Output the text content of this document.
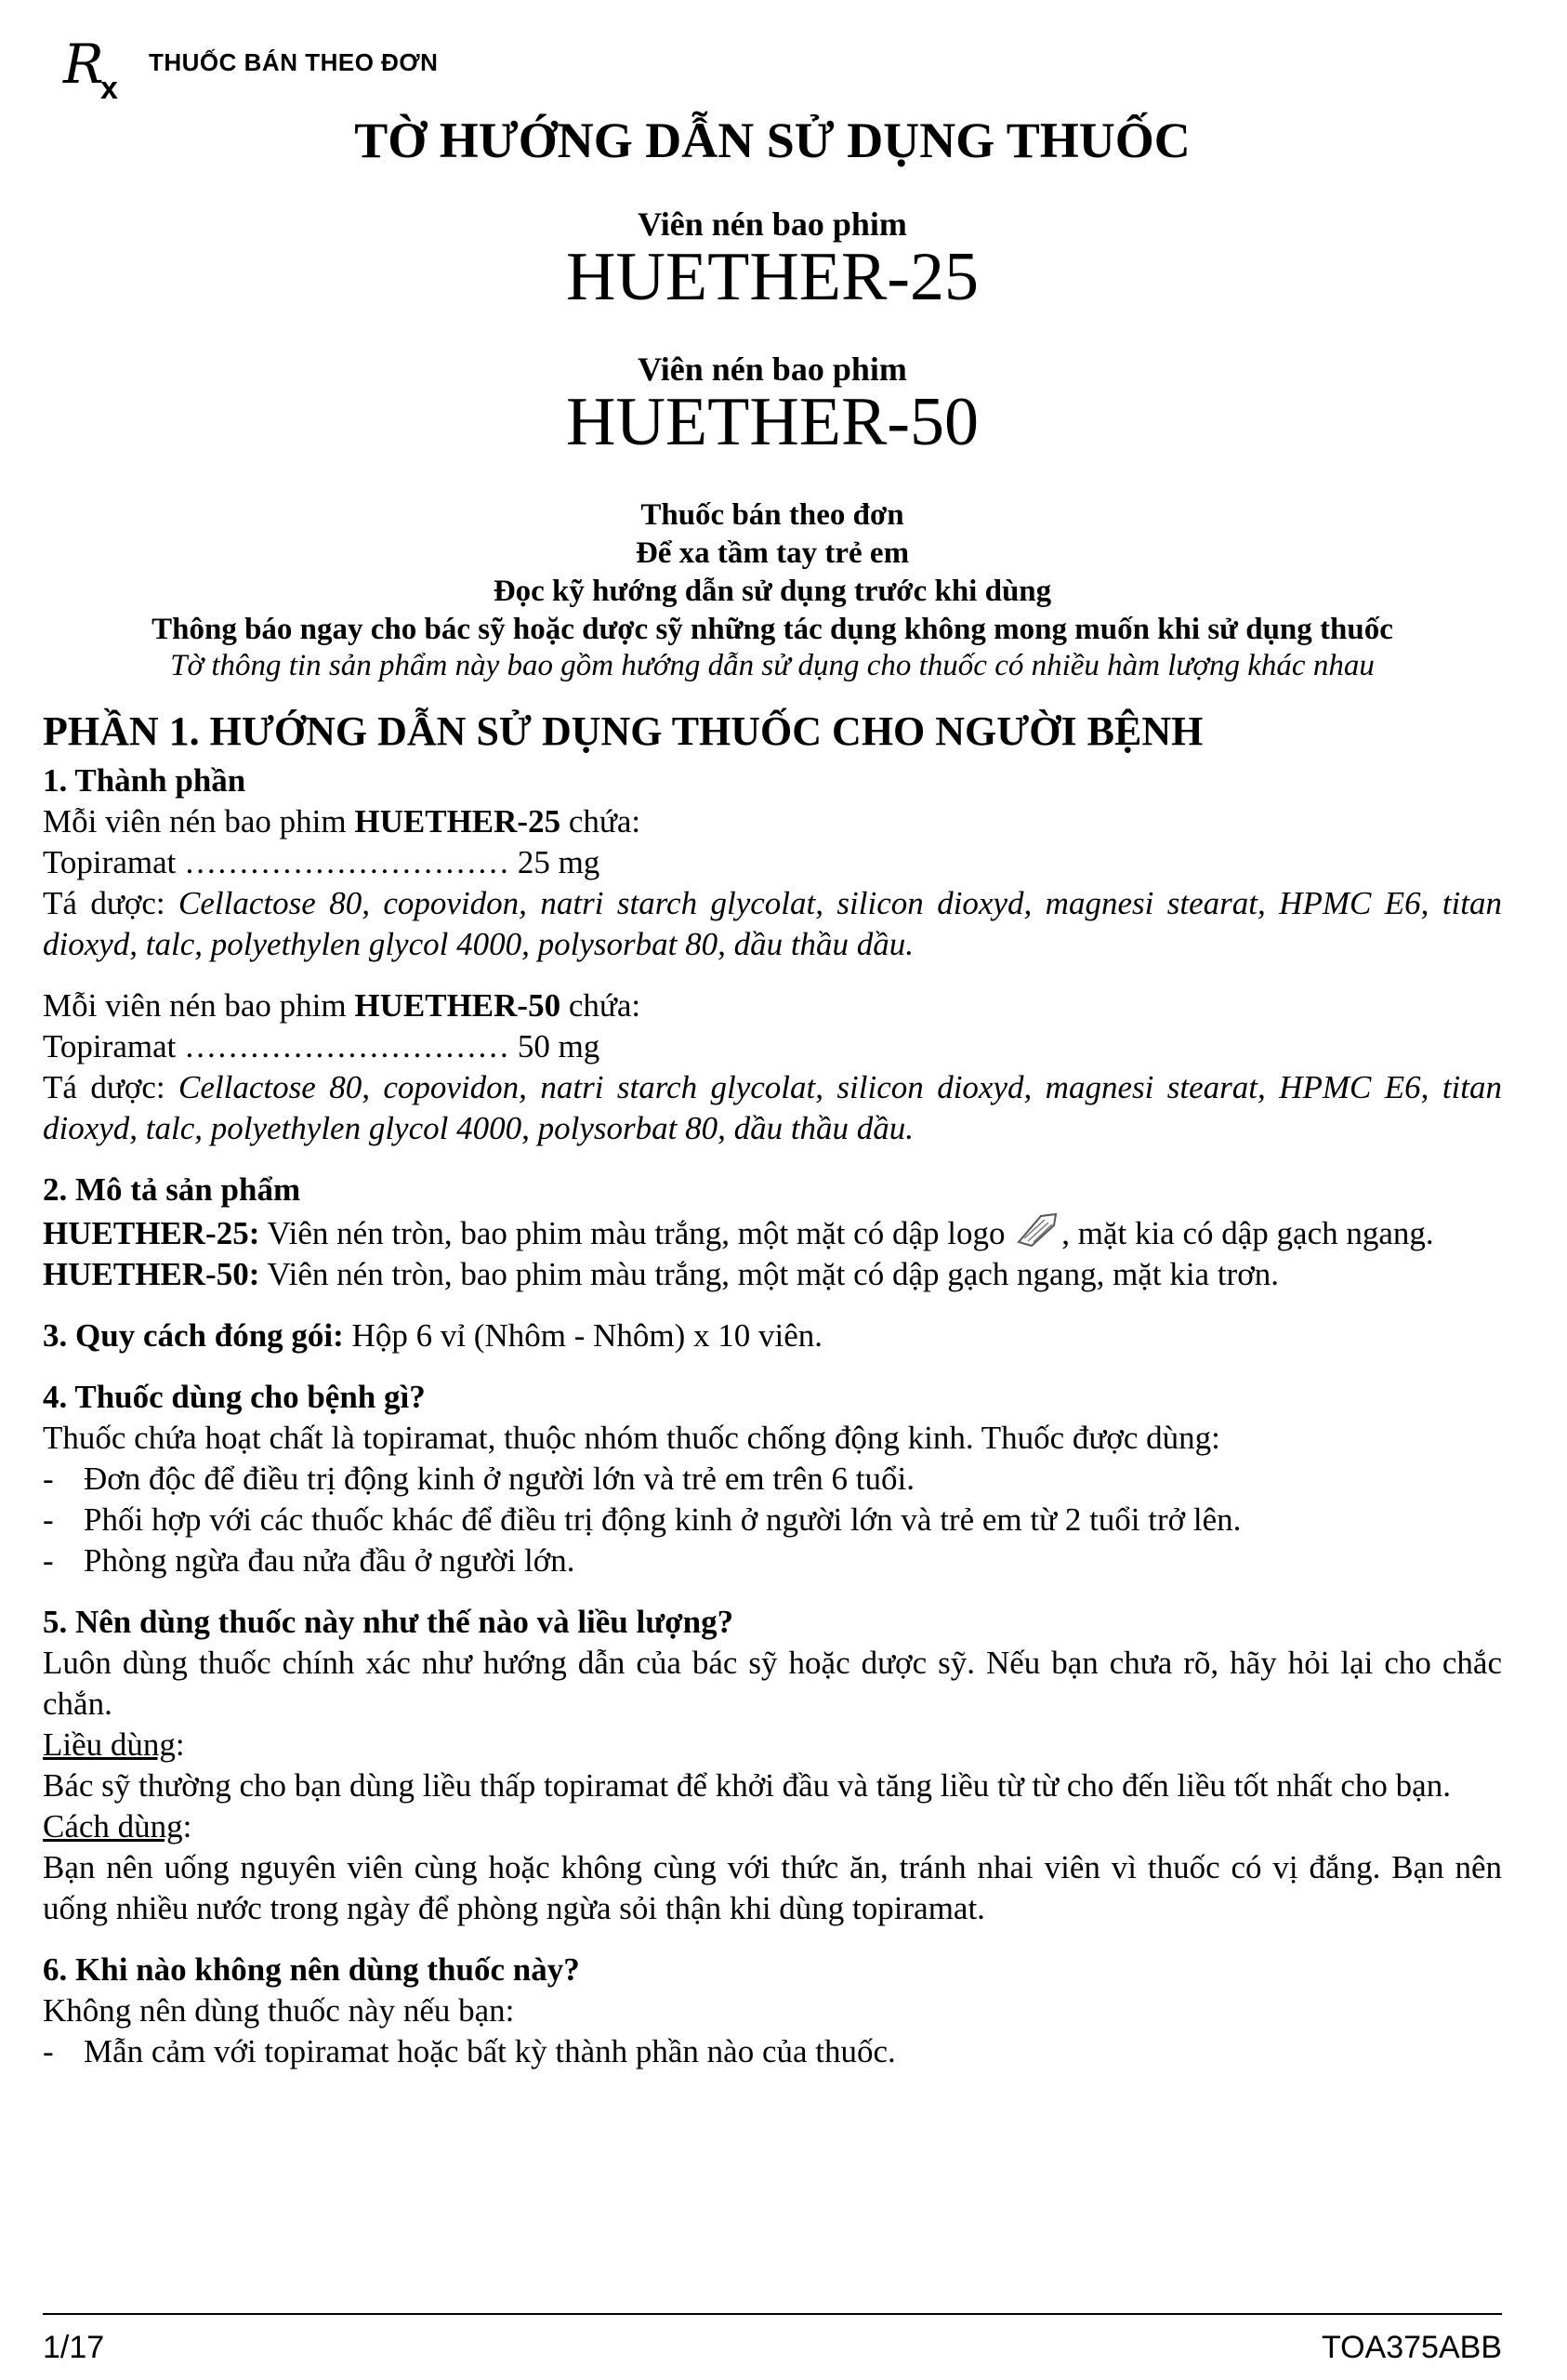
R
x
THUỐC BÁN THEO ĐƠN
TỜ HƯỚNG DẪN SỬ DỤNG THUỐC
Viên nén bao phim
HUETHER-25
Viên nén bao phim
HUETHER-50
Thuốc bán theo đơn
Để xa tầm tay trẻ em
Đọc kỹ hướng dẫn sử dụng trước khi dùng
Thông báo ngay cho bác sỹ hoặc dược sỹ những tác dụng không mong muốn khi sử dụng thuốc
Tờ thông tin sản phẩm này bao gồm hướng dẫn sử dụng cho thuốc có nhiều hàm lượng khác nhau

PHẦN 1. HƯỚNG DẪN SỬ DỤNG THUỐC CHO NGƯỜI BỆNH

1. Thành phần

Mỗi viên nén bao phim HUETHER-25 chứa:

Topiramat ………………………… 25 mg

Tá dược: Cellactose 80, copovidon, natri starch glycolat, silicon dioxyd, magnesi stearat, HPMC E6, titan dioxyd, talc, polyethylen glycol 4000, polysorbat 80, dầu thầu dầu.

Mỗi viên nén bao phim HUETHER-50 chứa:

Topiramat ………………………… 50 mg

Tá dược: Cellactose 80, copovidon, natri starch glycolat, silicon dioxyd, magnesi stearat, HPMC E6, titan dioxyd, talc, polyethylen glycol 4000, polysorbat 80, dầu thầu dầu.

2. Mô tả sản phẩm

HUETHER-25: Viên nén tròn, bao phim màu trắng, một mặt có dập logo , mặt kia có dập gạch ngang.

HUETHER-50: Viên nén tròn, bao phim màu trắng, một mặt có dập gạch ngang, mặt kia trơn.

3. Quy cách đóng gói: Hộp 6 vỉ (Nhôm - Nhôm) x 10 viên.

4. Thuốc dùng cho bệnh gì?

Thuốc chứa hoạt chất là topiramat, thuộc nhóm thuốc chống động kinh. Thuốc được dùng:

- Đơn độc để điều trị động kinh ở người lớn và trẻ em trên 6 tuổi.
- Phối hợp với các thuốc khác để điều trị động kinh ở người lớn và trẻ em từ 2 tuổi trở lên.
- Phòng ngừa đau nửa đầu ở người lớn.

5. Nên dùng thuốc này như thế nào và liều lượng?

Luôn dùng thuốc chính xác như hướng dẫn của bác sỹ hoặc dược sỹ. Nếu bạn chưa rõ, hãy hỏi lại cho chắc chắn.

Liều dùng:

Bác sỹ thường cho bạn dùng liều thấp topiramat để khởi đầu và tăng liều từ từ cho đến liều tốt nhất cho bạn.

Cách dùng:

Bạn nên uống nguyên viên cùng hoặc không cùng với thức ăn, tránh nhai viên vì thuốc có vị đắng. Bạn nên uống nhiều nước trong ngày để phòng ngừa sỏi thận khi dùng topiramat.

6. Khi nào không nên dùng thuốc này?

Không nên dùng thuốc này nếu bạn:

- Mẫn cảm với topiramat hoặc bất kỳ thành phần nào của thuốc.
1/17	TOA375ABB
